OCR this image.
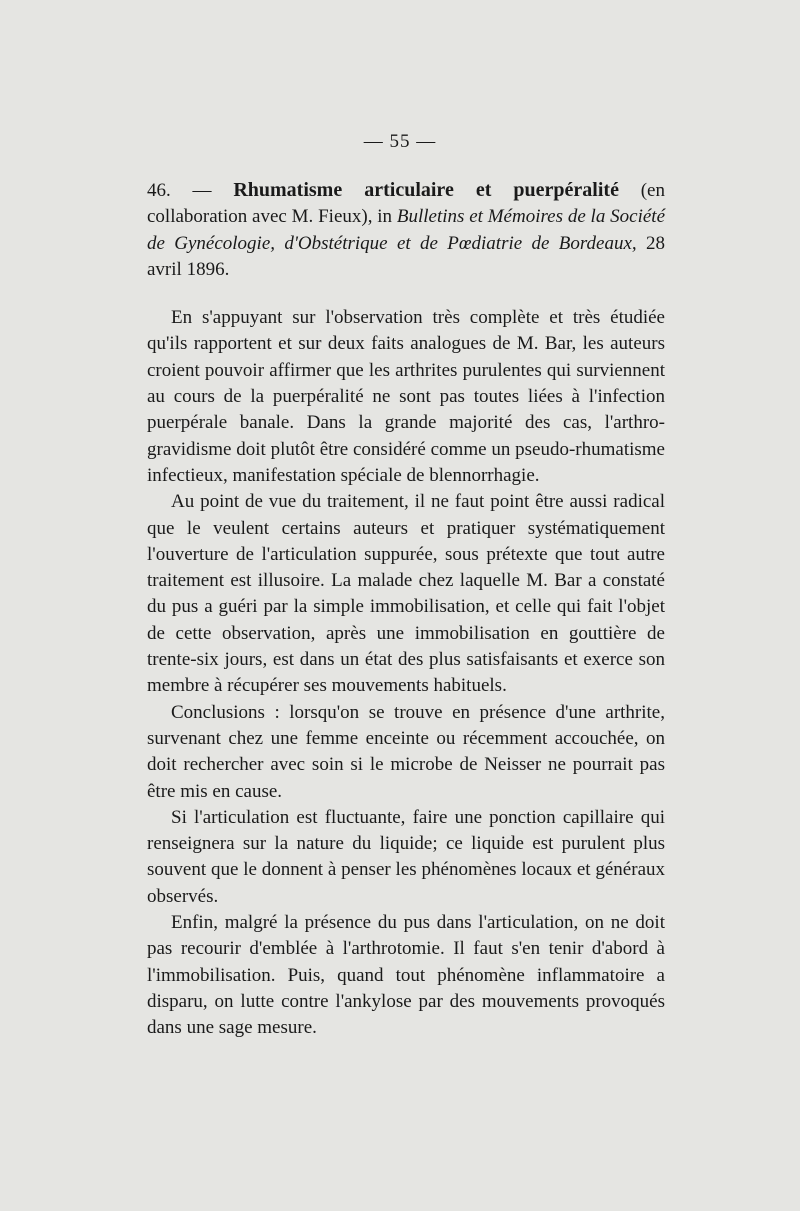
— 55 —

46. — Rhumatisme articulaire et puerpéralité (en collaboration avec M. Fieux), in Bulletins et Mémoires de la Société de Gynécologie, d'Obstétrique et de Pœdiatrie de Bordeaux, 28 avril 1896.

En s'appuyant sur l'observation très complète et très étudiée qu'ils rapportent et sur deux faits analogues de M. Bar, les auteurs croient pouvoir affirmer que les arthrites purulentes qui surviennent au cours de la puerpéralité ne sont pas toutes liées à l'infection puerpérale banale. Dans la grande majorité des cas, l'arthro-gravidisme doit plutôt être considéré comme un pseudo-rhumatisme infectieux, manifestation spéciale de blennorrhagie.

Au point de vue du traitement, il ne faut point être aussi radical que le veulent certains auteurs et pratiquer systématiquement l'ouverture de l'articulation suppurée, sous prétexte que tout autre traitement est illusoire. La malade chez laquelle M. Bar a constaté du pus a guéri par la simple immobilisation, et celle qui fait l'objet de cette observation, après une immobilisation en gouttière de trente-six jours, est dans un état des plus satisfaisants et exerce son membre à récupérer ses mouvements habituels.

Conclusions : lorsqu'on se trouve en présence d'une arthrite, survenant chez une femme enceinte ou récemment accouchée, on doit rechercher avec soin si le microbe de Neisser ne pourrait pas être mis en cause.

Si l'articulation est fluctuante, faire une ponction capillaire qui renseignera sur la nature du liquide; ce liquide est purulent plus souvent que le donnent à penser les phénomènes locaux et généraux observés.

Enfin, malgré la présence du pus dans l'articulation, on ne doit pas recourir d'emblée à l'arthrotomie. Il faut s'en tenir d'abord à l'immobilisation. Puis, quand tout phénomène inflammatoire a disparu, on lutte contre l'ankylose par des mouvements provoqués dans une sage mesure.
